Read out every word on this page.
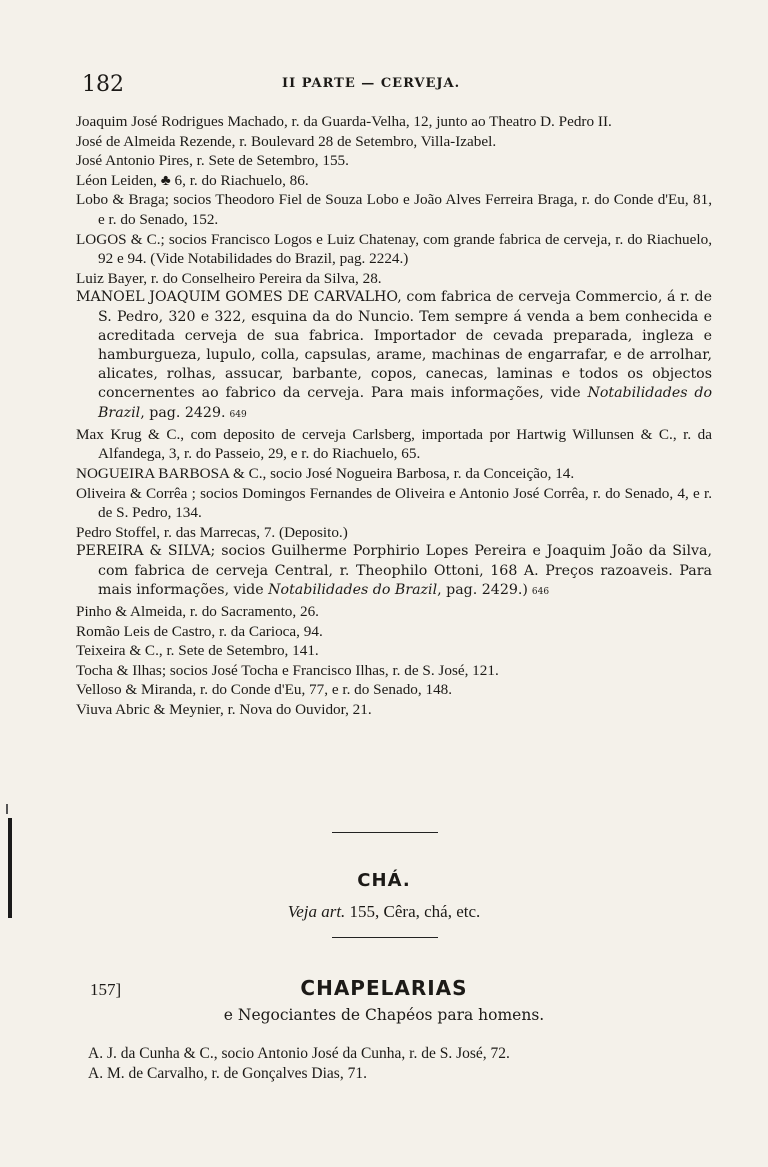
182	II PARTE — CERVEJA.

Joaquim José Rodrigues Machado, r. da Guarda-Velha, 12, junto ao Theatro D. Pedro II.

José de Almeida Rezende, r. Boulevard 28 de Setembro, Villa-Izabel.

José Antonio Pires, r. Sete de Setembro, 155.

Léon Leiden, ♣ 6, r. do Riachuelo, 86.

Lobo & Braga; socios Theodoro Fiel de Souza Lobo e João Alves Ferreira Braga, r. do Conde d'Eu, 81, e r. do Senado, 152.

LOGOS & C.; socios Francisco Logos e Luiz Chatenay, com grande fabrica de cerveja, r. do Riachuelo, 92 e 94. (Vide Notabilidades do Brazil, pag. 2224.)

Luiz Bayer, r. do Conselheiro Pereira da Silva, 28.

MANOEL JOAQUIM GOMES DE CARVALHO, com fabrica de cerveja Commercio, á r. de S. Pedro, 320 e 322, esquina da do Nuncio. Tem sempre á venda a bem conhecida e acreditada cerveja de sua fabrica. Importador de cevada preparada, ingleza e hamburgueza, lupulo, colla, capsulas, arame, machinas de engarrafar, e de arrolhar, alicates, rolhas, assucar, barbante, copos, canecas, laminas e todos os objectos concernentes ao fabrico da cerveja. Para mais informações, vide Notabilidades do Brazil, pag. 2429. 649

Max Krug & C., com deposito de cerveja Carlsberg, importada por Hartwig Willunsen & C., r. da Alfandega, 3, r. do Passeio, 29, e r. do Riachuelo, 65.

NOGUEIRA BARBOSA & C., socio José Nogueira Barbosa, r. da Conceição, 14.

Oliveira & Corrêa ; socios Domingos Fernandes de Oliveira e Antonio José Corrêa, r. do Senado, 4, e r. de S. Pedro, 134.

Pedro Stoffel, r. das Marrecas, 7. (Deposito.)

PEREIRA & SILVA; socios Guilherme Porphirio Lopes Pereira e Joaquim João da Silva, com fabrica de cerveja Central, r. Theophilo Ottoni, 168 A. Preços razoaveis. Para mais informações, vide Notabilidades do Brazil, pag. 2429.) 646

Pinho & Almeida, r. do Sacramento, 26.

Romão Leis de Castro, r. da Carioca, 94.

Teixeira & C., r. Sete de Setembro, 141.

Tocha & Ilhas; socios José Tocha e Francisco Ilhas, r. de S. José, 121.

Velloso & Miranda, r. do Conde d'Eu, 77, e r. do Senado, 148.

Viuva Abric & Meynier, r. Nova do Ouvidor, 21.

CHÁ.
Veja art. 155, Cêra, chá, etc.
157]	CHAPELARIAS
e Negociantes de Chapéos para homens.

A. J. da Cunha & C., socio Antonio José da Cunha, r. de S. José, 72.

A. M. de Carvalho, r. de Gonçalves Dias, 71.
